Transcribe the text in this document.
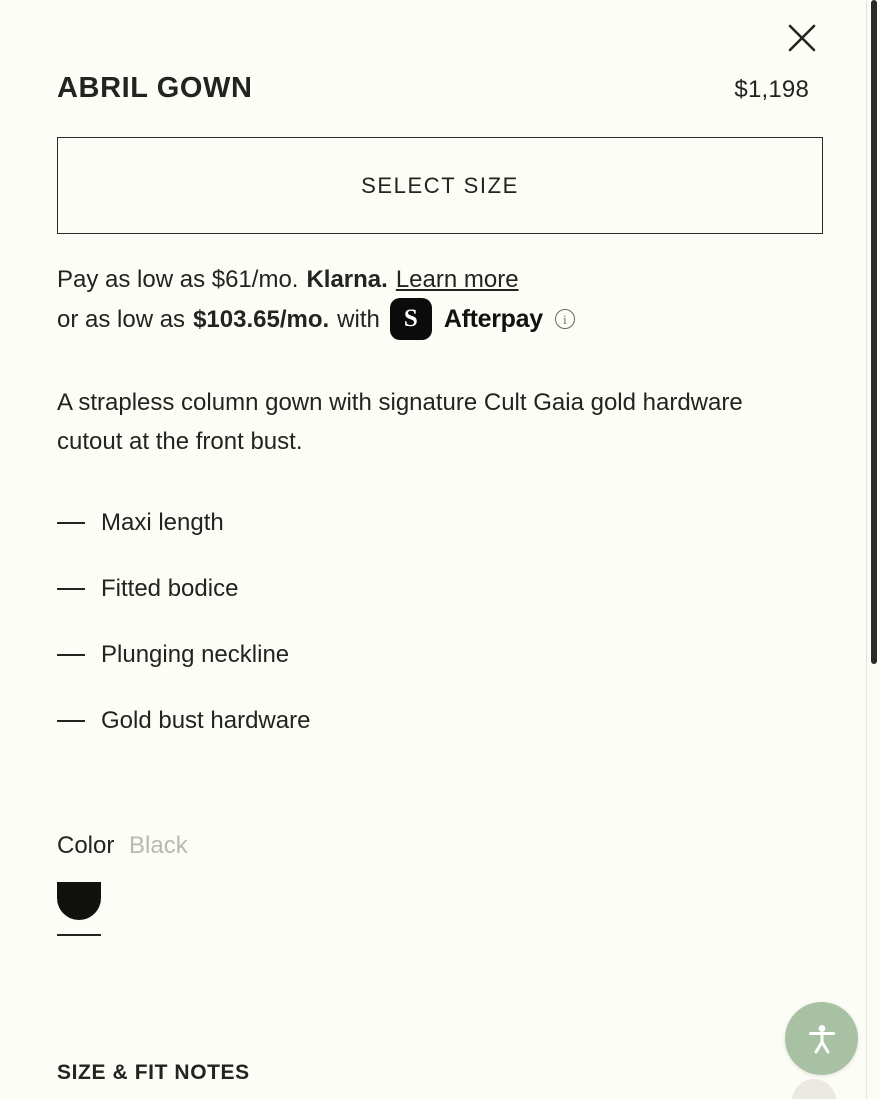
ABRIL GOWN	$1,198
SELECT SIZE
Pay as low as $61/mo. Klarna. Learn more
or as low as $103.65/mo. with S	Afterpay	i
A strapless column gown with signature Cult Gaia gold hardware cutout at the front bust.
Maxi length
Fitted bodice
Plunging neckline
Gold bust hardware
Color Black
SIZE & FIT NOTES
